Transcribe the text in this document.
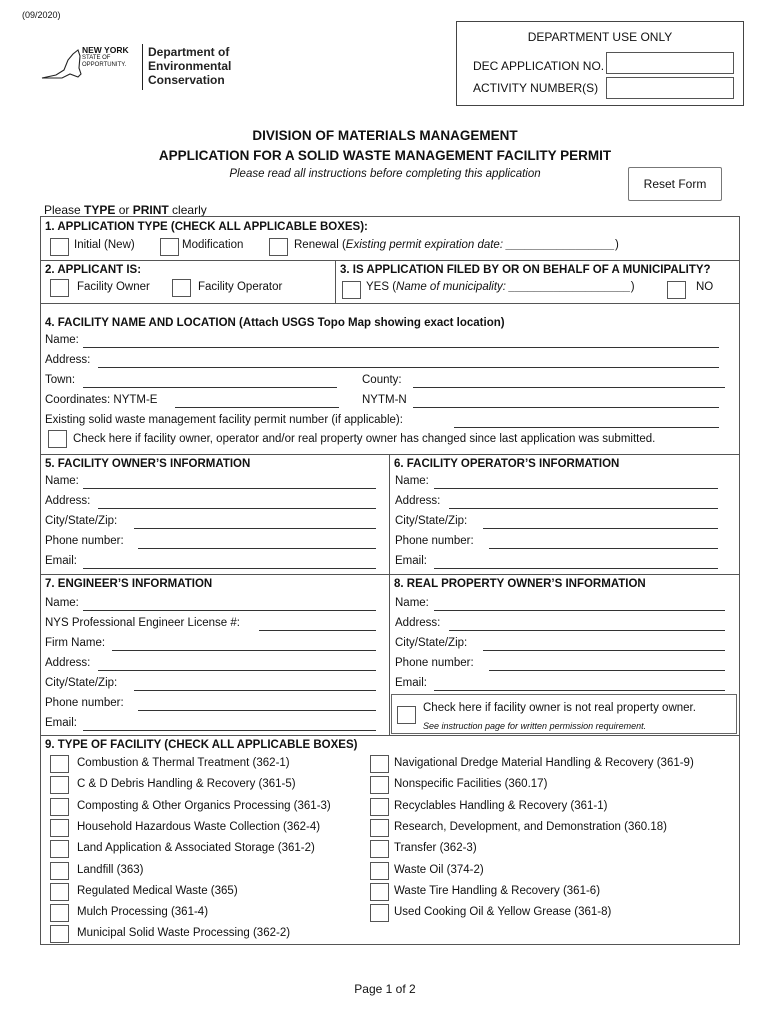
(09/2020)
NEW YORK
STATE OF
OPPORTUNITY.
Department of
Environmental
Conservation
DEPARTMENT USE ONLY
DEC APPLICATION NO.
ACTIVITY NUMBER(S)
DIVISION OF MATERIALS MANAGEMENT
APPLICATION FOR A SOLID WASTE MANAGEMENT FACILITY PERMIT
Please read all instructions before completing this application
Reset Form
Please TYPE or PRINT clearly
1. APPLICATION TYPE (CHECK ALL APPLICABLE BOXES):
Initial (New)	Modification	Renewal (Existing permit expiration date: _________________)
2. APPLICANT IS:
Facility Owner	Facility Operator
3. IS APPLICATION FILED BY OR ON BEHALF OF A MUNICIPALITY?
YES (Name of municipality: ___________________)	NO
4. FACILITY NAME AND LOCATION (Attach USGS Topo Map showing exact location)
Name:
Address:
Town:	County:
Coordinates: NYTM-E	NYTM-N
Existing solid waste management facility permit number (if applicable):
Check here if facility owner, operator and/or real property owner has changed since last application was submitted.
5. FACILITY OWNER’S INFORMATION
Name:
Address:
City/State/Zip:
Phone number:
Email:
6. FACILITY OPERATOR’S INFORMATION
Name:
Address:
City/State/Zip:
Phone number:
Email:
7. ENGINEER’S INFORMATION
Name:
NYS Professional Engineer License #:
Firm Name:
Address:
City/State/Zip:
Phone number:
Email:
8. REAL PROPERTY OWNER’S INFORMATION
Name:
Address:
City/State/Zip:
Phone number:
Email:
Check here if facility owner is not real property owner.
See instruction page for written permission requirement.
9. TYPE OF FACILITY (CHECK ALL APPLICABLE BOXES)
Combustion & Thermal Treatment (362-1)
C & D Debris Handling & Recovery (361-5)
Composting & Other Organics Processing (361-3)
Household Hazardous Waste Collection (362-4)
Land Application & Associated Storage (361-2)
Landfill (363)
Regulated Medical Waste (365)
Mulch Processing (361-4)
Municipal Solid Waste Processing (362-2)
Navigational Dredge Material Handling & Recovery (361-9)
Nonspecific Facilities (360.17)
Recyclables Handling & Recovery (361-1)
Research, Development, and Demonstration (360.18)
Transfer (362-3)
Waste Oil (374-2)
Waste Tire Handling & Recovery (361-6)
Used Cooking Oil & Yellow Grease (361-8)
Page 1 of 2
